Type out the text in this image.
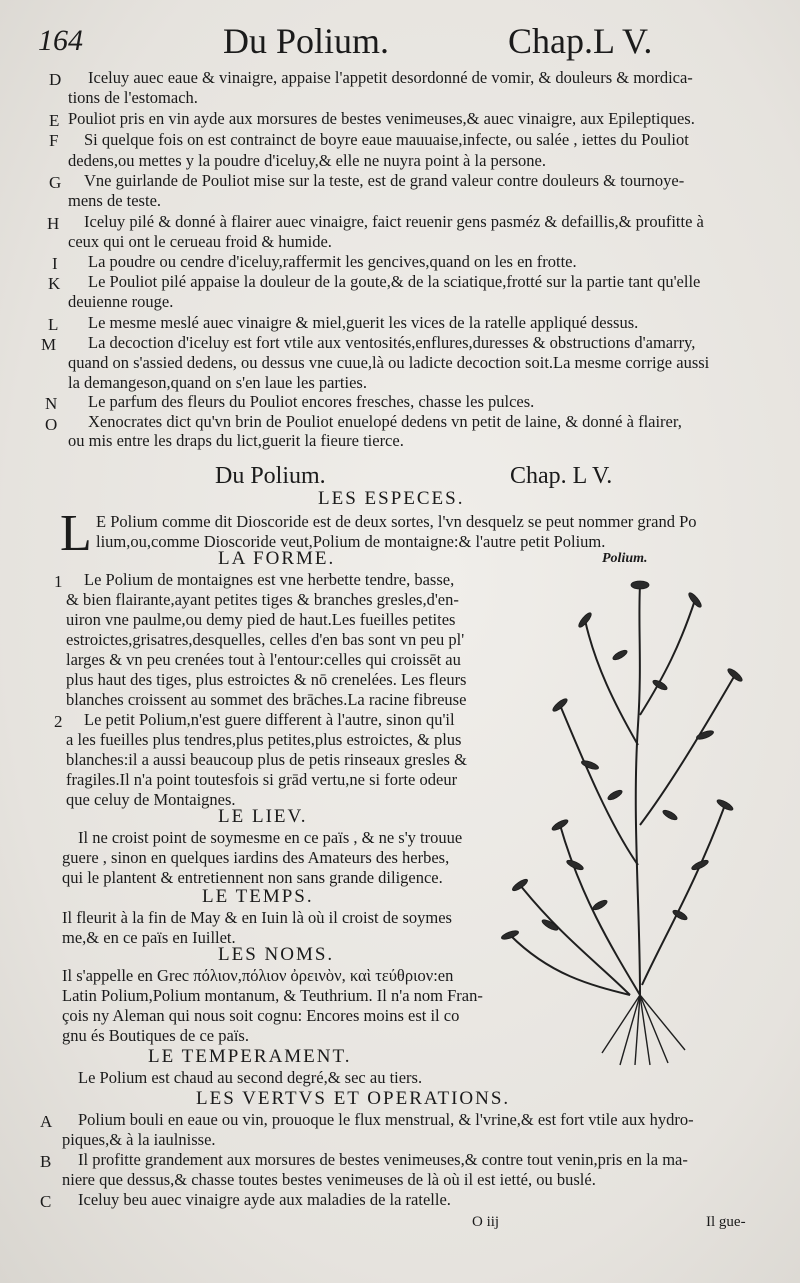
164	Du Polium.	Chap.L V.
D Iceluy auec eaue & vinaigre, appaise l'appetit desordonné de vomir, & douleurs & mordica-
tions de l'estomach.
E Pouliot pris en vin ayde aux morsures de bestes venimeuses,& auec vinaigre, aux Epileptiques.
F Si quelque fois on est contrainct de boyre eaue mauuaise,infecte, ou salée , iettes du Pouliot
dedens,ou mettes y la poudre d'iceluy,& elle ne nuyra point à la persone.
G Vne guirlande de Pouliot mise sur la teste, est de grand valeur contre douleurs & tournoye-
mens de teste.
H Iceluy pilé & donné à flairer auec vinaigre, faict reuenir gens pasméz & defaillis,& proufitte à
ceux qui ont le cerueau froid & humide.
I La poudre ou cendre d'iceluy,raffermit les gencives,quand on les en frotte.
K Le Pouliot pilé appaise la douleur de la goute,& de la sciatique,frotté sur la partie tant qu'elle
deuienne rouge.
L Le mesme meslé auec vinaigre & miel,guerit les vices de la ratelle appliqué dessus.
M La decoction d'iceluy est fort vtile aux ventosités,enflures,duresses & obstructions d'amarry,
quand on s'assied dedens, ou dessus vne cuue,là ou ladicte decoction soit.La mesme corrige aussi
la demangeson,quand on s'en laue les parties.
N Le parfum des fleurs du Pouliot encores fresches, chasse les pulces.
O Xenocrates dict qu'vn brin de Pouliot enuelopé dedens vn petit de laine, & donné à flairer,
ou mis entre les draps du lict,guerit la fieure tierce.
Du Polium.	Chap. L V.
LES ESPECES.
L E Polium comme dit Dioscoride est de deux sortes, l'vn desquelz se peut nommer grand Po
lium,ou,comme Dioscoride veut,Polium de montaigne:& l'autre petit Polium.
LA FORME.	Polium.
1 Le Polium de montaignes est vne herbette tendre, basse,
& bien flairante,ayant petites tiges & branches gresles,d'en-
uiron vne paulme,ou demy pied de haut.Les fueilles petites
estroictes,grisatres,desquelles, celles d'en bas sont vn peu pl'
larges & vn peu crenées tout à l'entour:celles qui croissēt au
plus haut des tiges, plus estroictes & nō crenelées. Les fleurs
blanches croissent au sommet des brāches.La racine fibreuse
2 Le petit Polium,n'est guere different à l'autre, sinon qu'il
a les fueilles plus tendres,plus petites,plus estroictes, & plus
blanches:il a aussi beaucoup plus de petis rinseaux gresles &
fragiles.Il n'a point toutesfois si grād vertu,ne si forte odeur
que celuy de Montaignes.
LE LIEV.
Il ne croist point de soymesme en ce païs , & ne s'y trouue
guere , sinon en quelques iardins des Amateurs des herbes,
qui le plantent & entretiennent non sans grande diligence.
LE TEMPS.
Il fleurit à la fin de May & en Iuin là où il croist de soymes
me,& en ce païs en Iuillet.
LES NOMS.
Il s'appelle en Grec πόλιον,πόλιον ὀρεινὸν, καὶ τεύθριον:en
Latin Polium,Polium montanum, & Teuthrium. Il n'a nom Fran-
çois ny Aleman qui nous soit cognu: Encores moins est il co
gnu és Boutiques de ce païs.
LE TEMPERAMENT.
Le Polium est chaud au second degré,& sec au tiers.
LES VERTVS ET OPERATIONS.
A Polium bouli en eaue ou vin, prouoque le flux menstrual, & l'vrine,& est fort vtile aux hydro-
piques,& à la iaulnisse.
B Il profitte grandement aux morsures de bestes venimeuses,& contre tout venin,pris en la ma-
niere que dessus,& chasse toutes bestes venimeuses de là où il est ietté, ou buslé.
C Iceluy beu auec vinaigre ayde aux maladies de la ratelle.
O iij	Il gue-
